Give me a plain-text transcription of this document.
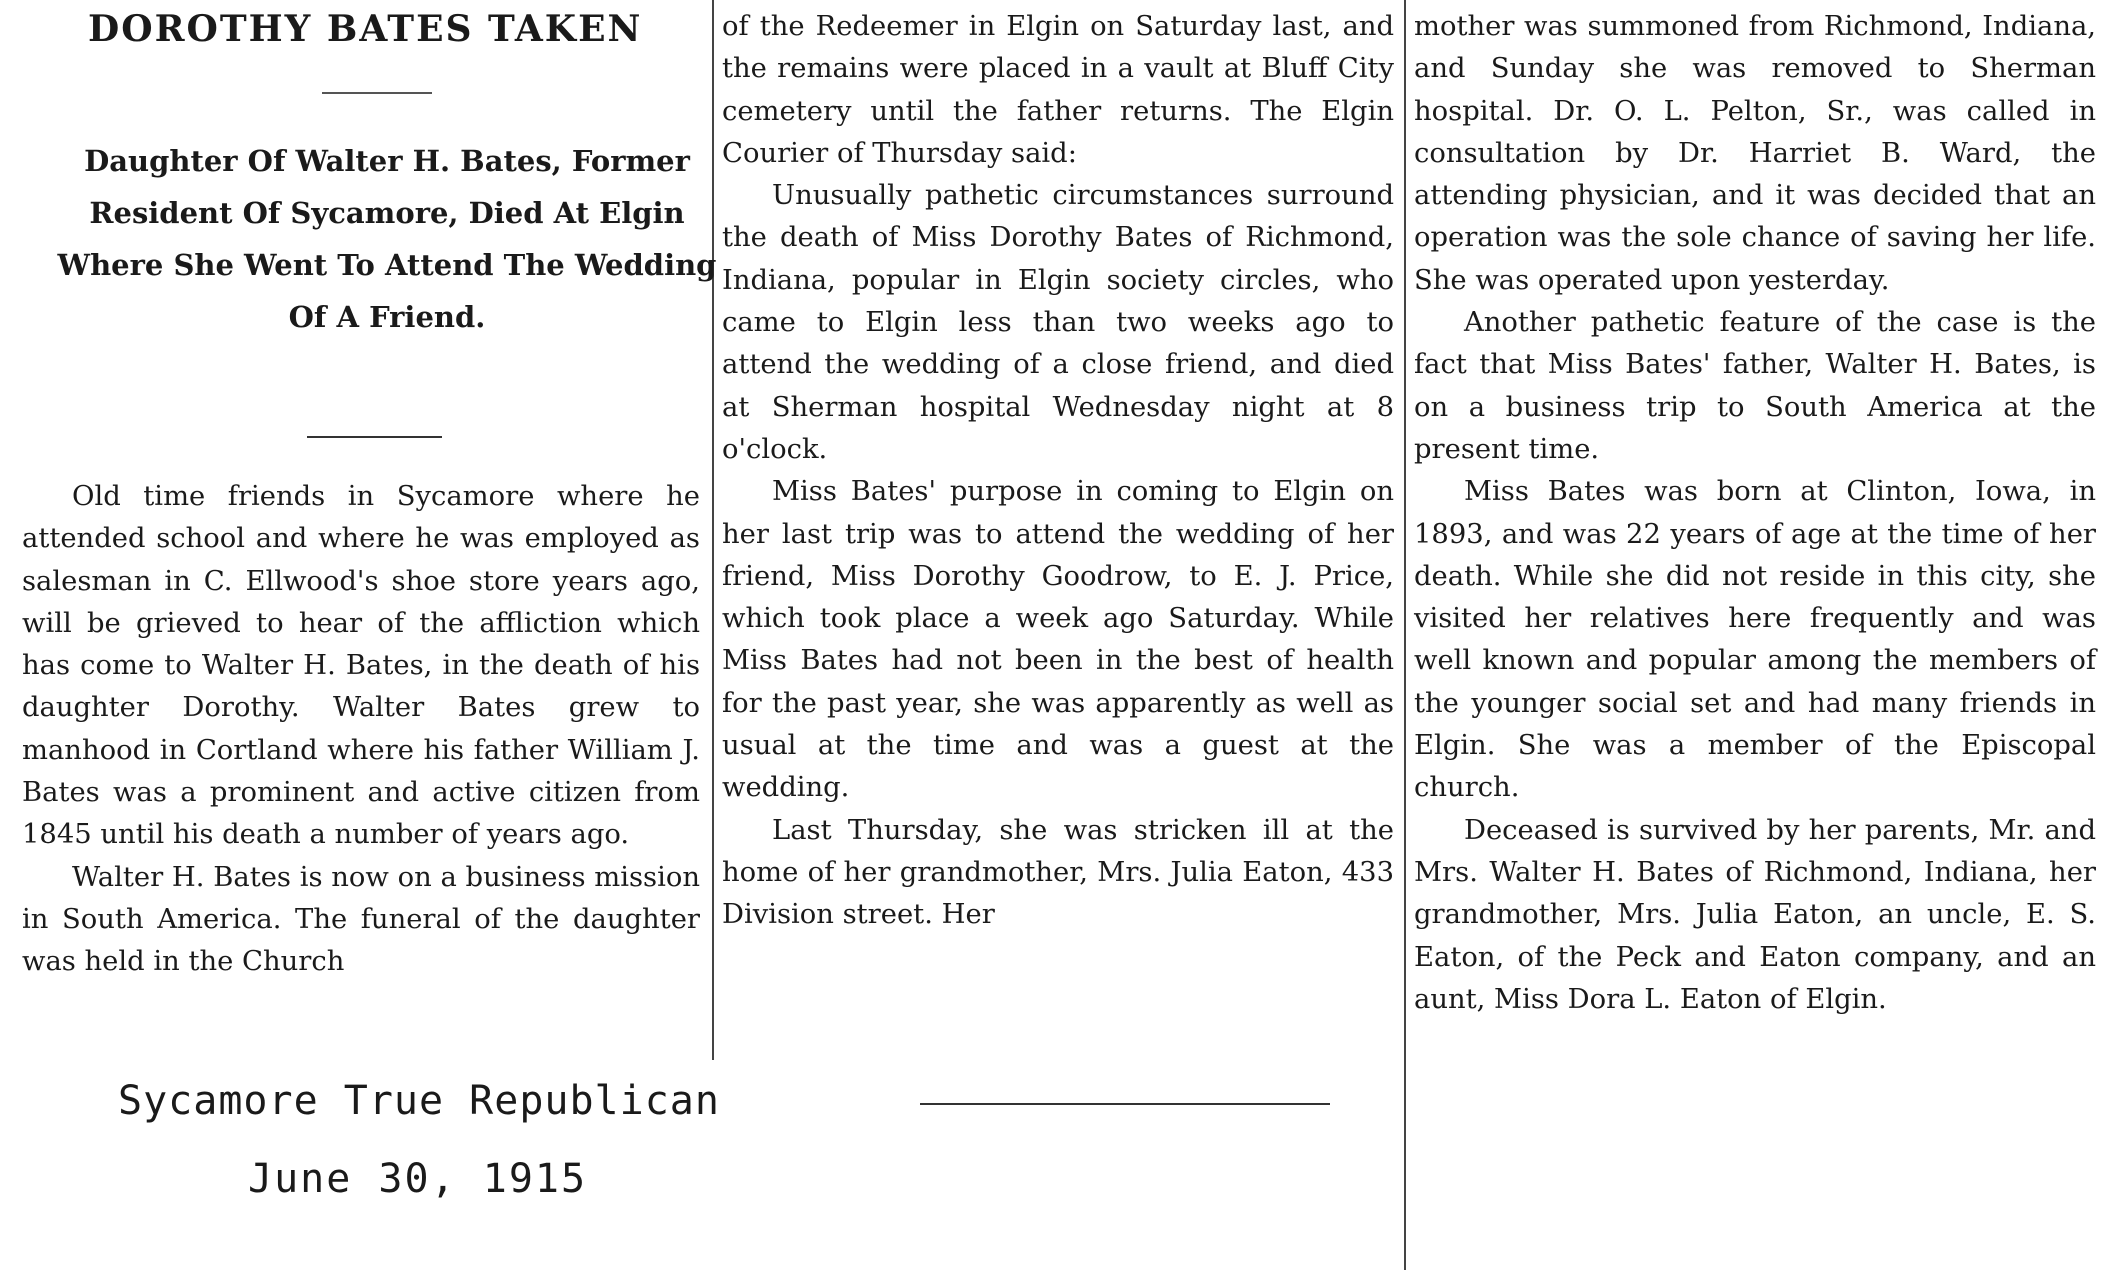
DOROTHY BATES TAKEN

Daughter Of Walter H. Bates, Former Resident Of Sycamore, Died At Elgin Where She Went To Attend The Wedding Of A Friend.

Old time friends in Sycamore where he attended school and where he was employed as salesman in C. Ellwood's shoe store years ago, will be grieved to hear of the affliction which has come to Walter H. Bates, in the death of his daughter Dorothy. Walter Bates grew to manhood in Cortland where his father William J. Bates was a prominent and active citizen from 1845 until his death a number of years ago.

Walter H. Bates is now on a business mission in South America. The funeral of the daughter was held in the Church

of the Redeemer in Elgin on Saturday last, and the remains were placed in a vault at Bluff City cemetery until the father returns. The Elgin Courier of Thursday said:

Unusually pathetic circumstances surround the death of Miss Dorothy Bates of Richmond, Indiana, popular in Elgin society circles, who came to Elgin less than two weeks ago to attend the wedding of a close friend, and died at Sherman hospital Wednesday night at 8 o'clock.

Miss Bates' purpose in coming to Elgin on her last trip was to attend the wedding of her friend, Miss Dorothy Goodrow, to E. J. Price, which took place a week ago Saturday. While Miss Bates had not been in the best of health for the past year, she was apparently as well as usual at the time and was a guest at the wedding.

Last Thursday, she was stricken ill at the home of her grandmother, Mrs. Julia Eaton, 433 Division street. Her

mother was summoned from Richmond, Indiana, and Sunday she was removed to Sherman hospital. Dr. O. L. Pelton, Sr., was called in consultation by Dr. Harriet B. Ward, the attending physician, and it was decided that an operation was the sole chance of saving her life. She was operated upon yesterday.

Another pathetic feature of the case is the fact that Miss Bates' father, Walter H. Bates, is on a business trip to South America at the present time.

Miss Bates was born at Clinton, Iowa, in 1893, and was 22 years of age at the time of her death. While she did not reside in this city, she visited her relatives here frequently and was well known and popular among the members of the younger social set and had many friends in Elgin. She was a member of the Episcopal church.

Deceased is survived by her parents, Mr. and Mrs. Walter H. Bates of Richmond, Indiana, her grandmother, Mrs. Julia Eaton, an uncle, E. S. Eaton, of the Peck and Eaton company, and an aunt, Miss Dora L. Eaton of Elgin.

Sycamore True Republican

June 30, 1915
